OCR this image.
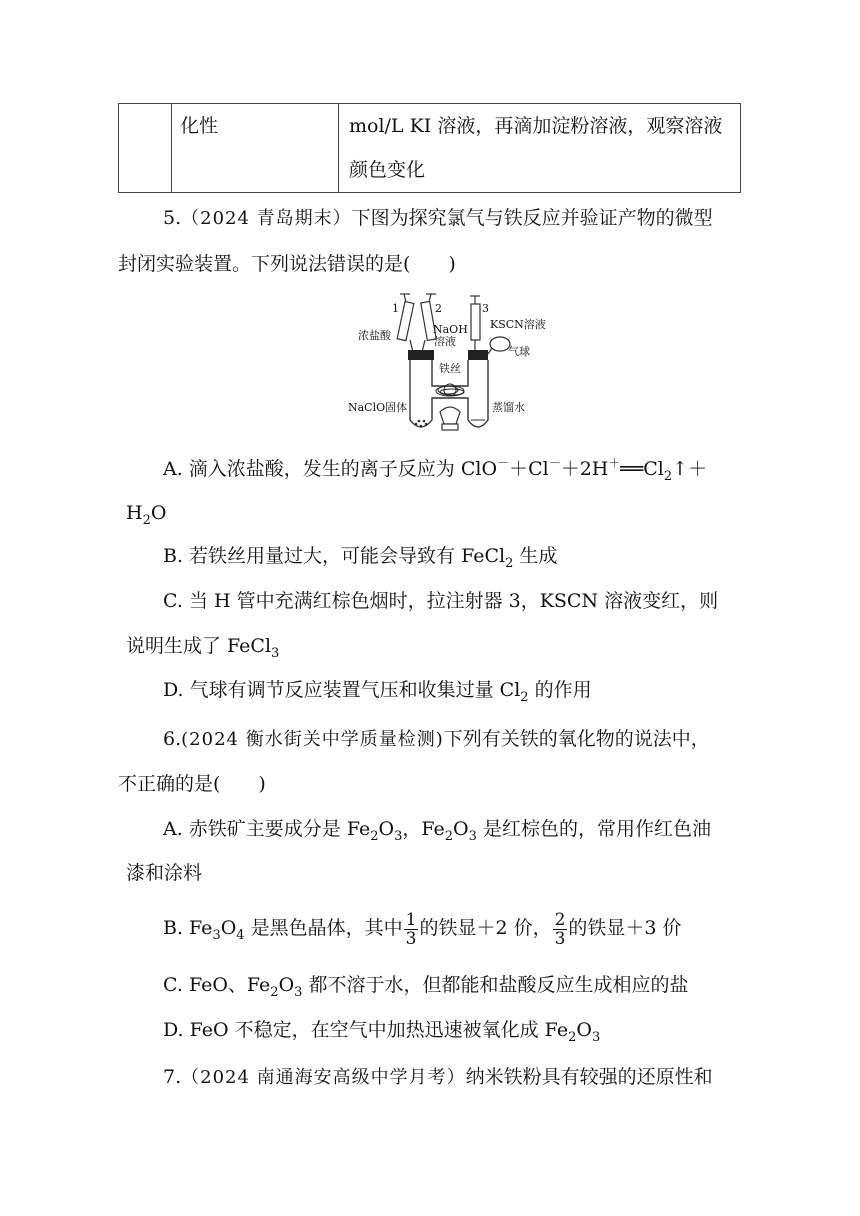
	化性	mol/L KI 溶液，再滴加淀粉溶液，观察溶液
颜色变化
5.（2024 青岛期末）下图为探究氯气与铁反应并验证产物的微型
封闭实验装置。下列说法错误的是(　　)
1	2	3
浓盐酸	NaOH
溶液
KSCN溶液
气球
铁丝
NaClO固体	蒸馏水
A. 滴入浓盐酸，发生的离子反应为 $ClO^-+Cl^-+2H^+══Cl_2↑+$
$H_2O$
B. 若铁丝用量过大，可能会导致有 FeCl$_2$ 生成
C. 当 H 管中充满红棕色烟时，拉注射器 3，KSCN 溶液变红，则
说明生成了 FeCl$_3$
D. 气球有调节反应装置气压和收集过量 $Cl_2$ 的作用
6.(2024 衡水街关中学质量检测)下列有关铁的氧化物的说法中，
不正确的是(　　)
A. 赤铁矿主要成分是 $Fe_2O_3$，$Fe_2O_3$ 是红棕色的，常用作红色油
漆和涂料
B. $Fe_3O_4$ 是黑色晶体，其中 $\frac{1}{3}$ 的铁显＋2 价， $\frac{2}{3}$ 的铁显＋3 价
C. FeO、$Fe_2O_3$ 都不溶于水，但都能和盐酸反应生成相应的盐
D. FeO 不稳定，在空气中加热迅速被氧化成 $Fe_2O_3$
7.（2024 南通海安高级中学月考）纳米铁粉具有较强的还原性和
